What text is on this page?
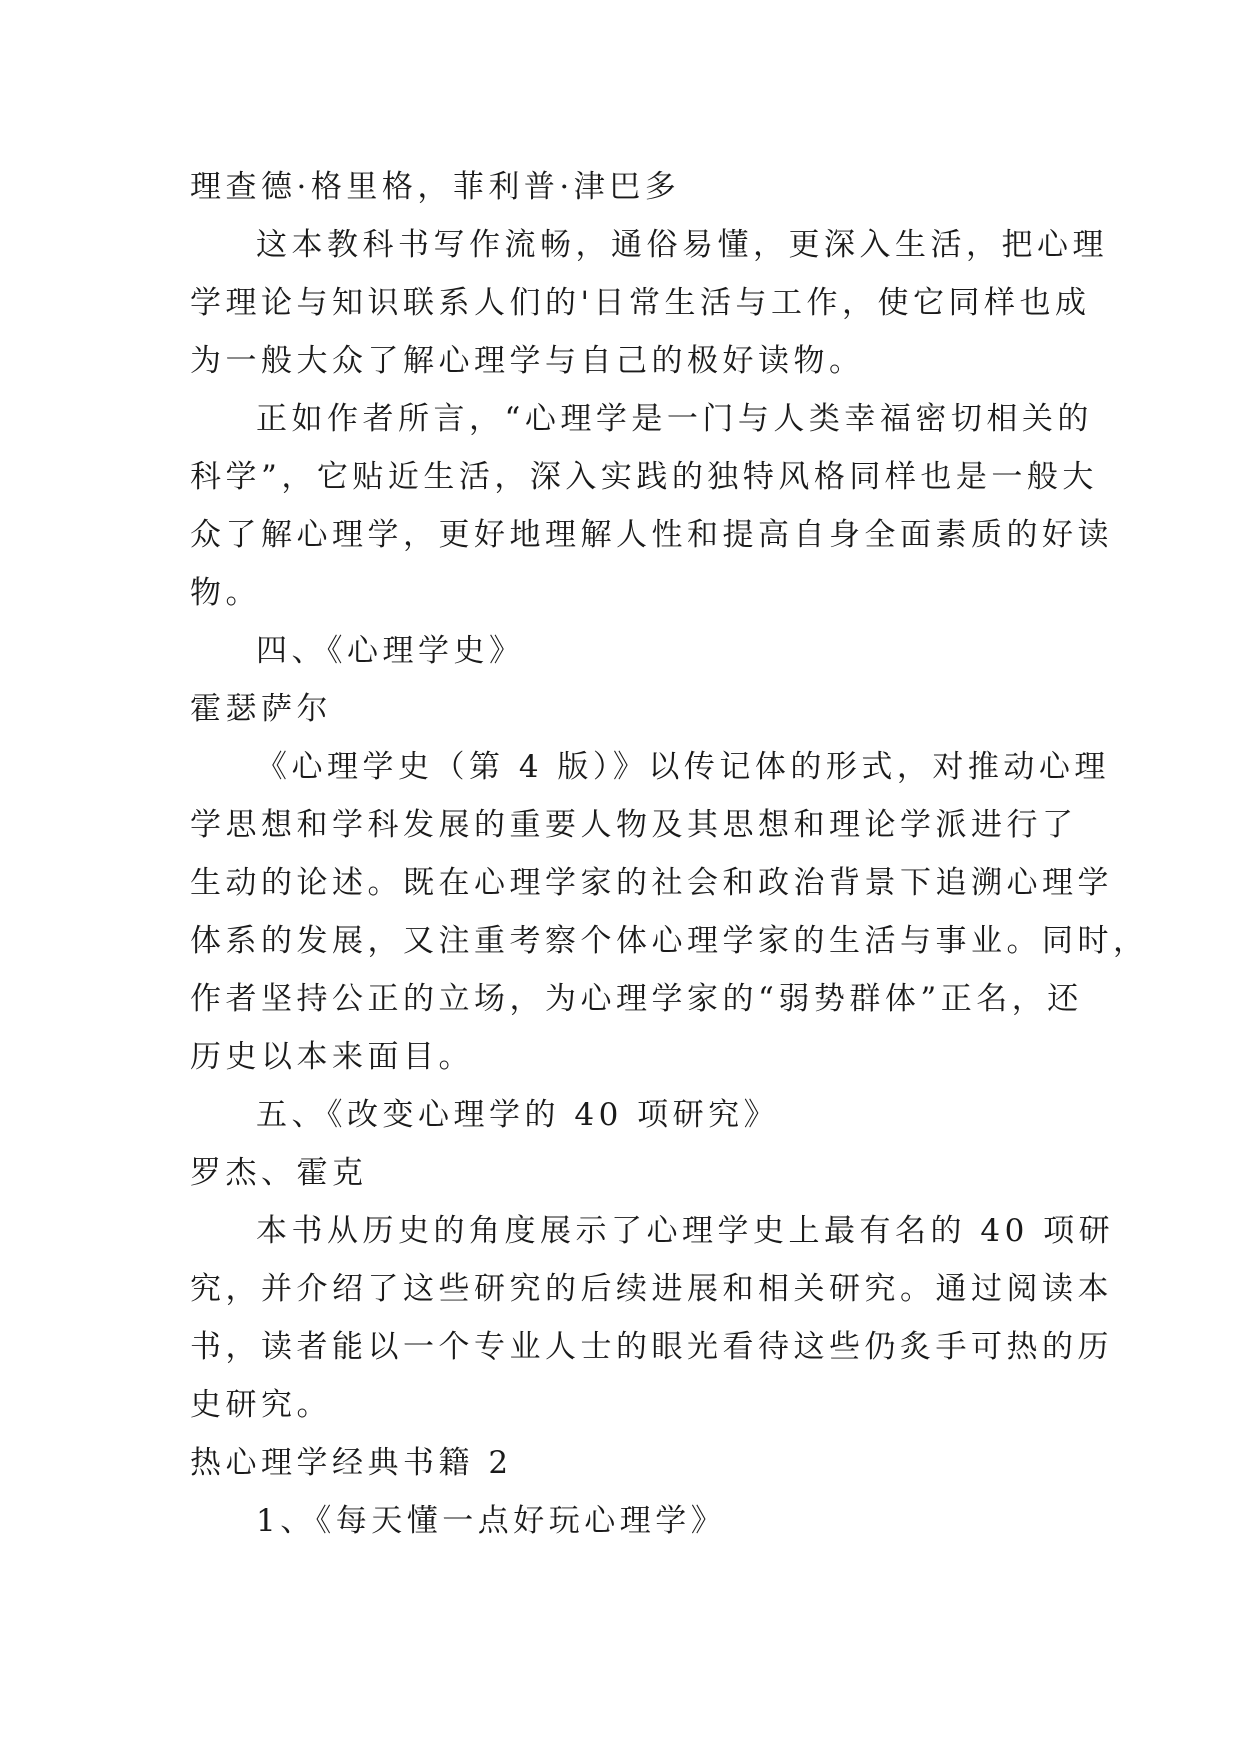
理查德·格里格，菲利普·津巴多
这本教科书写作流畅，通俗易懂，更深入生活，把心理
学理论与知识联系人们的'日常生活与工作，使它同样也成
为一般大众了解心理学与自己的极好读物。
正如作者所言，“心理学是一门与人类幸福密切相关的
科学”，它贴近生活，深入实践的独特风格同样也是一般大
众了解心理学，更好地理解人性和提高自身全面素质的好读
物。
四、《心理学史》
霍瑟萨尔
《心理学史（第 4 版）》以传记体的形式，对推动心理
学思想和学科发展的重要人物及其思想和理论学派进行了
生动的论述。既在心理学家的社会和政治背景下追溯心理学
体系的发展，又注重考察个体心理学家的生活与事业。同时，
作者坚持公正的立场，为心理学家的“弱势群体”正名，还
历史以本来面目。
五、《改变心理学的 40 项研究》
罗杰、霍克
本书从历史的角度展示了心理学史上最有名的 40 项研
究，并介绍了这些研究的后续进展和相关研究。通过阅读本
书，读者能以一个专业人士的眼光看待这些仍炙手可热的历
史研究。
热心理学经典书籍 2
1、《每天懂一点好玩心理学》
